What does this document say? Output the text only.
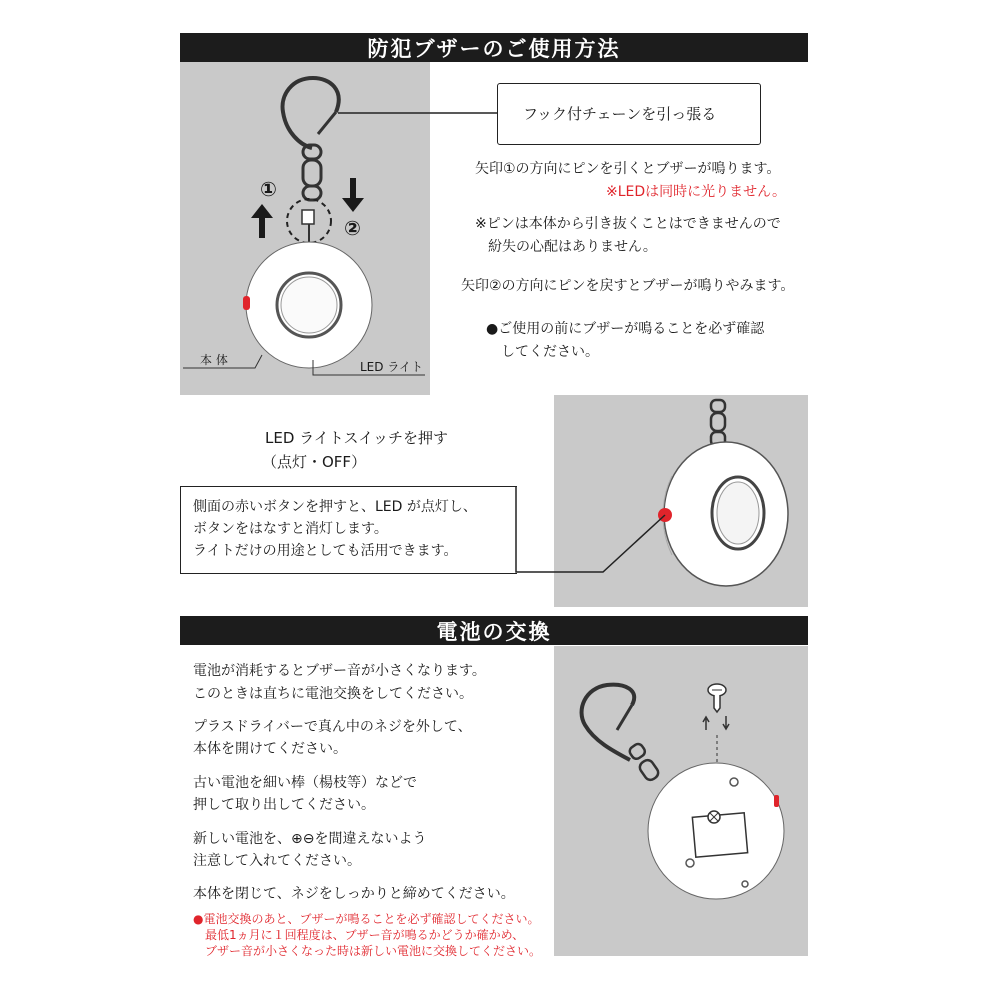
防犯ブザーのご使用方法
①
②
本 体	LED ライト
フック付チェーンを引っ張る
矢印①の方向にピンを引くとブザーが鳴ります。
※LEDは同時に光りません。
※ピンは本体から引き抜くことはできませんので
紛失の心配はありません。
矢印②の方向にピンを戻すとブザーが鳴りやみます。
●ご使用の前にブザーが鳴ることを必ず確認
してください。
LED ライトスイッチを押す
（点灯・OFF）
側面の赤いボタンを押すと、LED が点灯し、
ボタンをはなすと消灯します。
ライトだけの用途としても活用できます。
電池の交換
電池が消耗するとブザー音が小さくなります。
このときは直ちに電池交換をしてください。
プラスドライバーで真ん中のネジを外して、
本体を開けてください。
古い電池を細い棒（楊枝等）などで
押して取り出してください。
新しい電池を、⊕⊖を間違えないよう
注意して入れてください。
本体を閉じて、ネジをしっかりと締めてください。
●電池交換のあと、ブザーが鳴ることを必ず確認してください。
最低1ヵ月に１回程度は、ブザー音が鳴るかどうか確かめ、
ブザー音が小さくなった時は新しい電池に交換してください。
